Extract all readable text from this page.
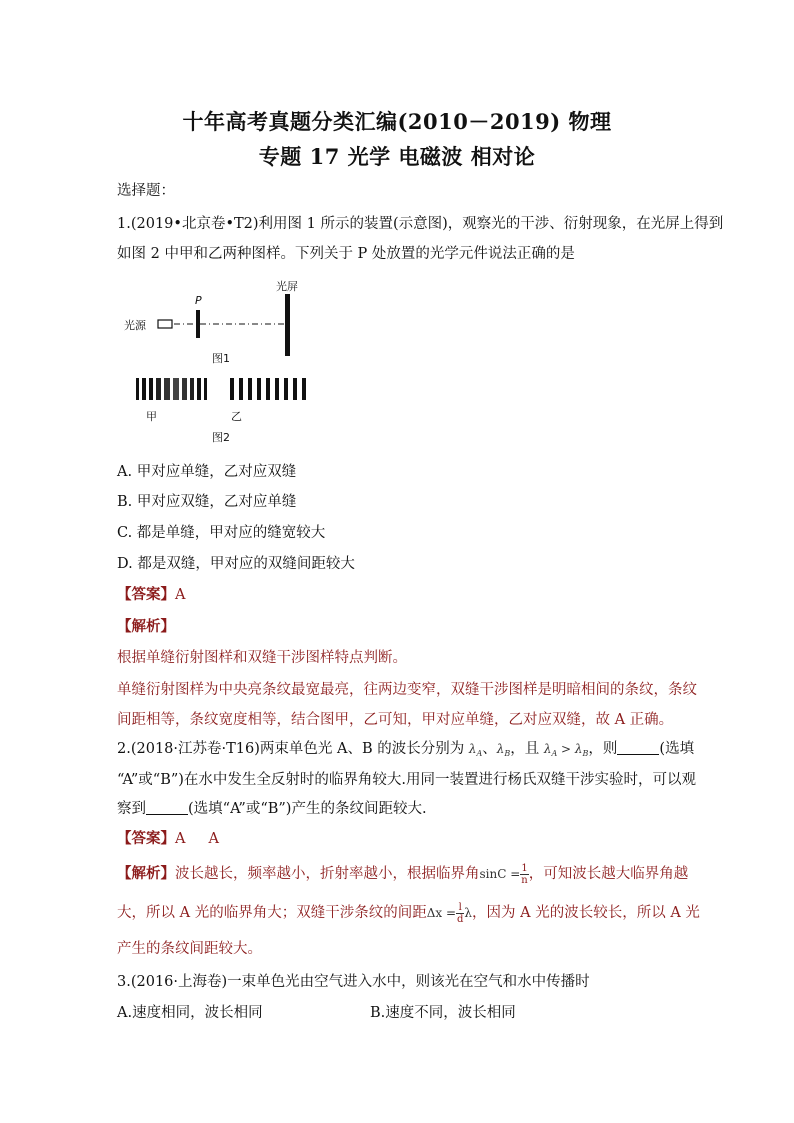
十年高考真题分类汇编(2010－2019) 物理
专题 17 光学 电磁波 相对论
选择题：
1.(2019•北京卷•T2)利用图 1 所示的装置(示意图)，观察光的干涉、衍射现象，在光屏上得到
如图 2 中甲和乙两种图样。下列关于 P 处放置的光学元件说法正确的是
光屏
P
光源
图1
甲	乙
图2
A. 甲对应单缝，乙对应双缝
B. 甲对应双缝，乙对应单缝
C. 都是单缝，甲对应的缝宽较大
D. 都是双缝，甲对应的双缝间距较大
【答案】A
【解析】
根据单缝衍射图样和双缝干涉图样特点判断。
单缝衍射图样为中央亮条纹最宽最亮，往两边变窄，双缝干涉图样是明暗相间的条纹，条纹
间距相等，条纹宽度相等，结合图甲，乙可知，甲对应单缝，乙对应双缝，故 A 正确。
2.(2018·江苏卷·T16)两束单色光 A、B 的波长分别为 $\lambda_A$、$\lambda_B$，且 $\lambda_A > \lambda_B$，则	(选填
“A”或“B”)在水中发生全反射时的临界角较大.用同一装置进行杨氏双缝干涉实验时，可以观
察到	(选填“A”或“B”)产生的条纹间距较大.
【答案】A     A
【解析】波长越长，频率越小，折射率越小，根据临界角$\sin C = \frac{1}{n}$ ，可知波长越大临界角越
大，所以 A 光的临界角大；双缝干涉条纹的间距$\Delta x = \frac{l}{d}$ λ，因为 A 光的波长较长，所以 A 光
产生的条纹间距较大。
3.(2016·上海卷)一束单色光由空气进入水中，则该光在空气和水中传播时
A.速度相同，波长相同	B.速度不同，波长相同
